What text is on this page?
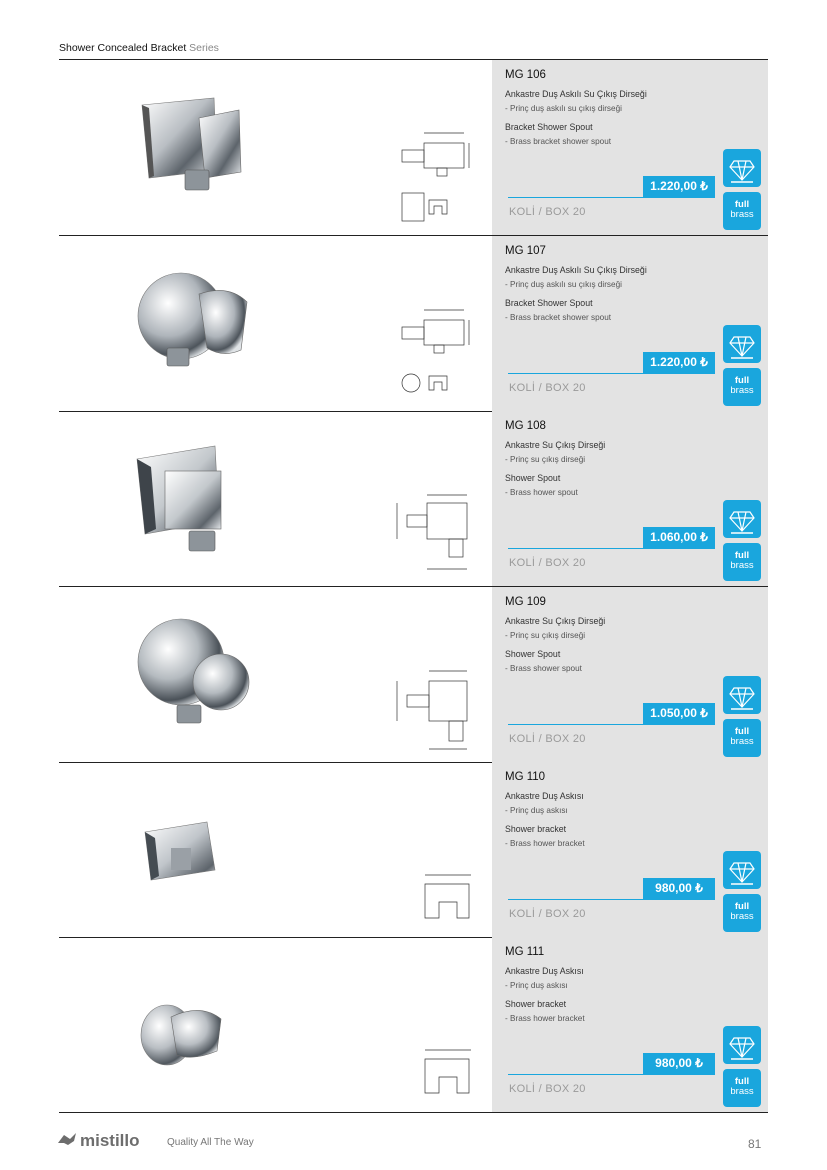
Shower Concealed Bracket Series
MG 106
Ankastre Duş Askılı Su Çıkış Dirseği
- Prinç duş askılı su çıkış dirseği
Bracket Shower Spout
- Brass bracket shower spout
1.220,00 ₺
KOLİ / BOX 20
full
brass
MG 107
Ankastre Duş Askılı Su Çıkış Dirseği
- Prinç duş askılı su çıkış dirseği
Bracket Shower Spout
- Brass bracket shower spout
1.220,00 ₺
KOLİ / BOX 20
full
brass
MG 108
Ankastre Su Çıkış Dirseği
- Prinç su çıkış dirseği
Shower Spout
- Brass hower spout
1.060,00 ₺
KOLİ / BOX 20
full
brass
MG 109
Ankastre Su Çıkış Dirseği
- Prinç su çıkış dirseği
Shower Spout
- Brass shower spout
1.050,00 ₺
KOLİ / BOX 20
full
brass
MG 110
Ankastre Duş Askısı
- Prinç duş askısı
Shower bracket
- Brass hower bracket
980,00 ₺
KOLİ / BOX 20
full
brass
MG 111
Ankastre Duş Askısı
- Prinç duş askısı
Shower bracket
- Brass hower bracket
980,00 ₺
KOLİ / BOX 20
full
brass
mistillo	Quality All The Way	81
